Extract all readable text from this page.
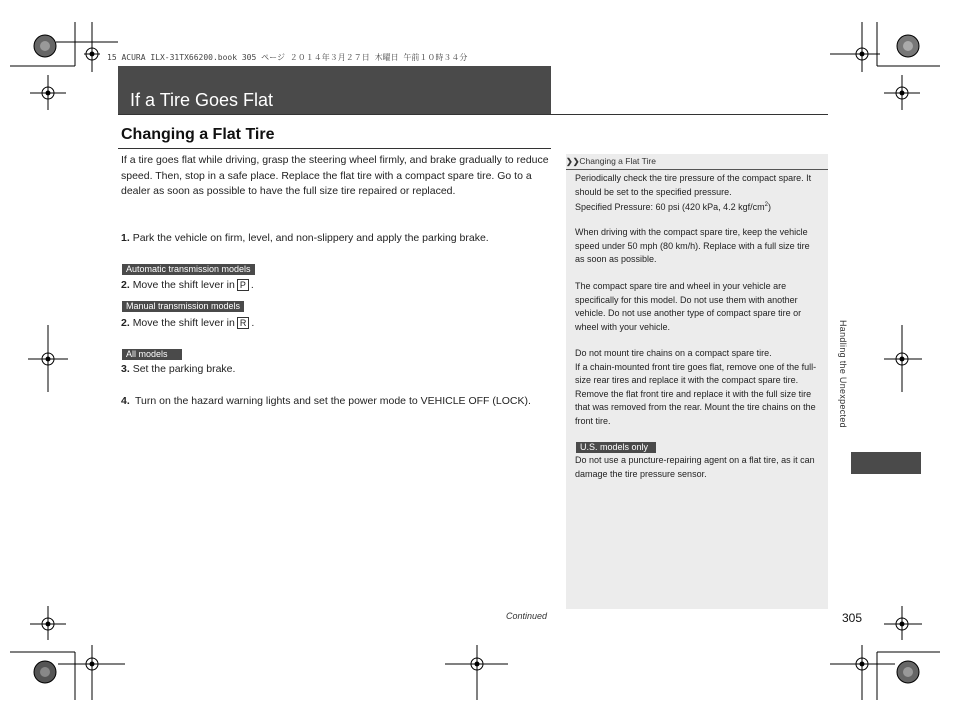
15 ACURA ILX-31TX66200.book 305 ページ ２０１４年３月２７日 木曜日 午前１０時３４分
If a Tire Goes Flat
Changing a Flat Tire
If a tire goes flat while driving, grasp the steering wheel firmly, and brake gradually to reduce speed. Then, stop in a safe place. Replace the flat tire with a compact spare tire. Go to a dealer as soon as possible to have the full size tire repaired or replaced.
1. Park the vehicle on firm, level, and non-slippery and apply the parking brake.
Automatic transmission models
2. Move the shift lever in P .
Manual transmission models
2. Move the shift lever in R .
All models
3. Set the parking brake.
4. Turn on the hazard warning lights and set the power mode to VEHICLE OFF (LOCK).
❯❯Changing a Flat Tire
Periodically check the tire pressure of the compact spare. It should be set to the specified pressure.
Specified Pressure: 60 psi (420 kPa, 4.2 kgf/$cm^2$)
When driving with the compact spare tire, keep the vehicle speed under 50 mph (80 km/h). Replace with a full size tire as soon as possible.
The compact spare tire and wheel in your vehicle are specifically for this model. Do not use them with another vehicle. Do not use another type of compact spare tire or wheel with your vehicle.
Do not mount tire chains on a compact spare tire.
If a chain-mounted front tire goes flat, remove one of the full-size rear tires and replace it with the compact spare tire. Remove the flat front tire and replace it with the full size tire that was removed from the rear. Mount the tire chains on the front tire.
U.S. models only
Do not use a puncture-repairing agent on a flat tire, as it can damage the tire pressure sensor.
Handling the Unexpected
Continued	305
